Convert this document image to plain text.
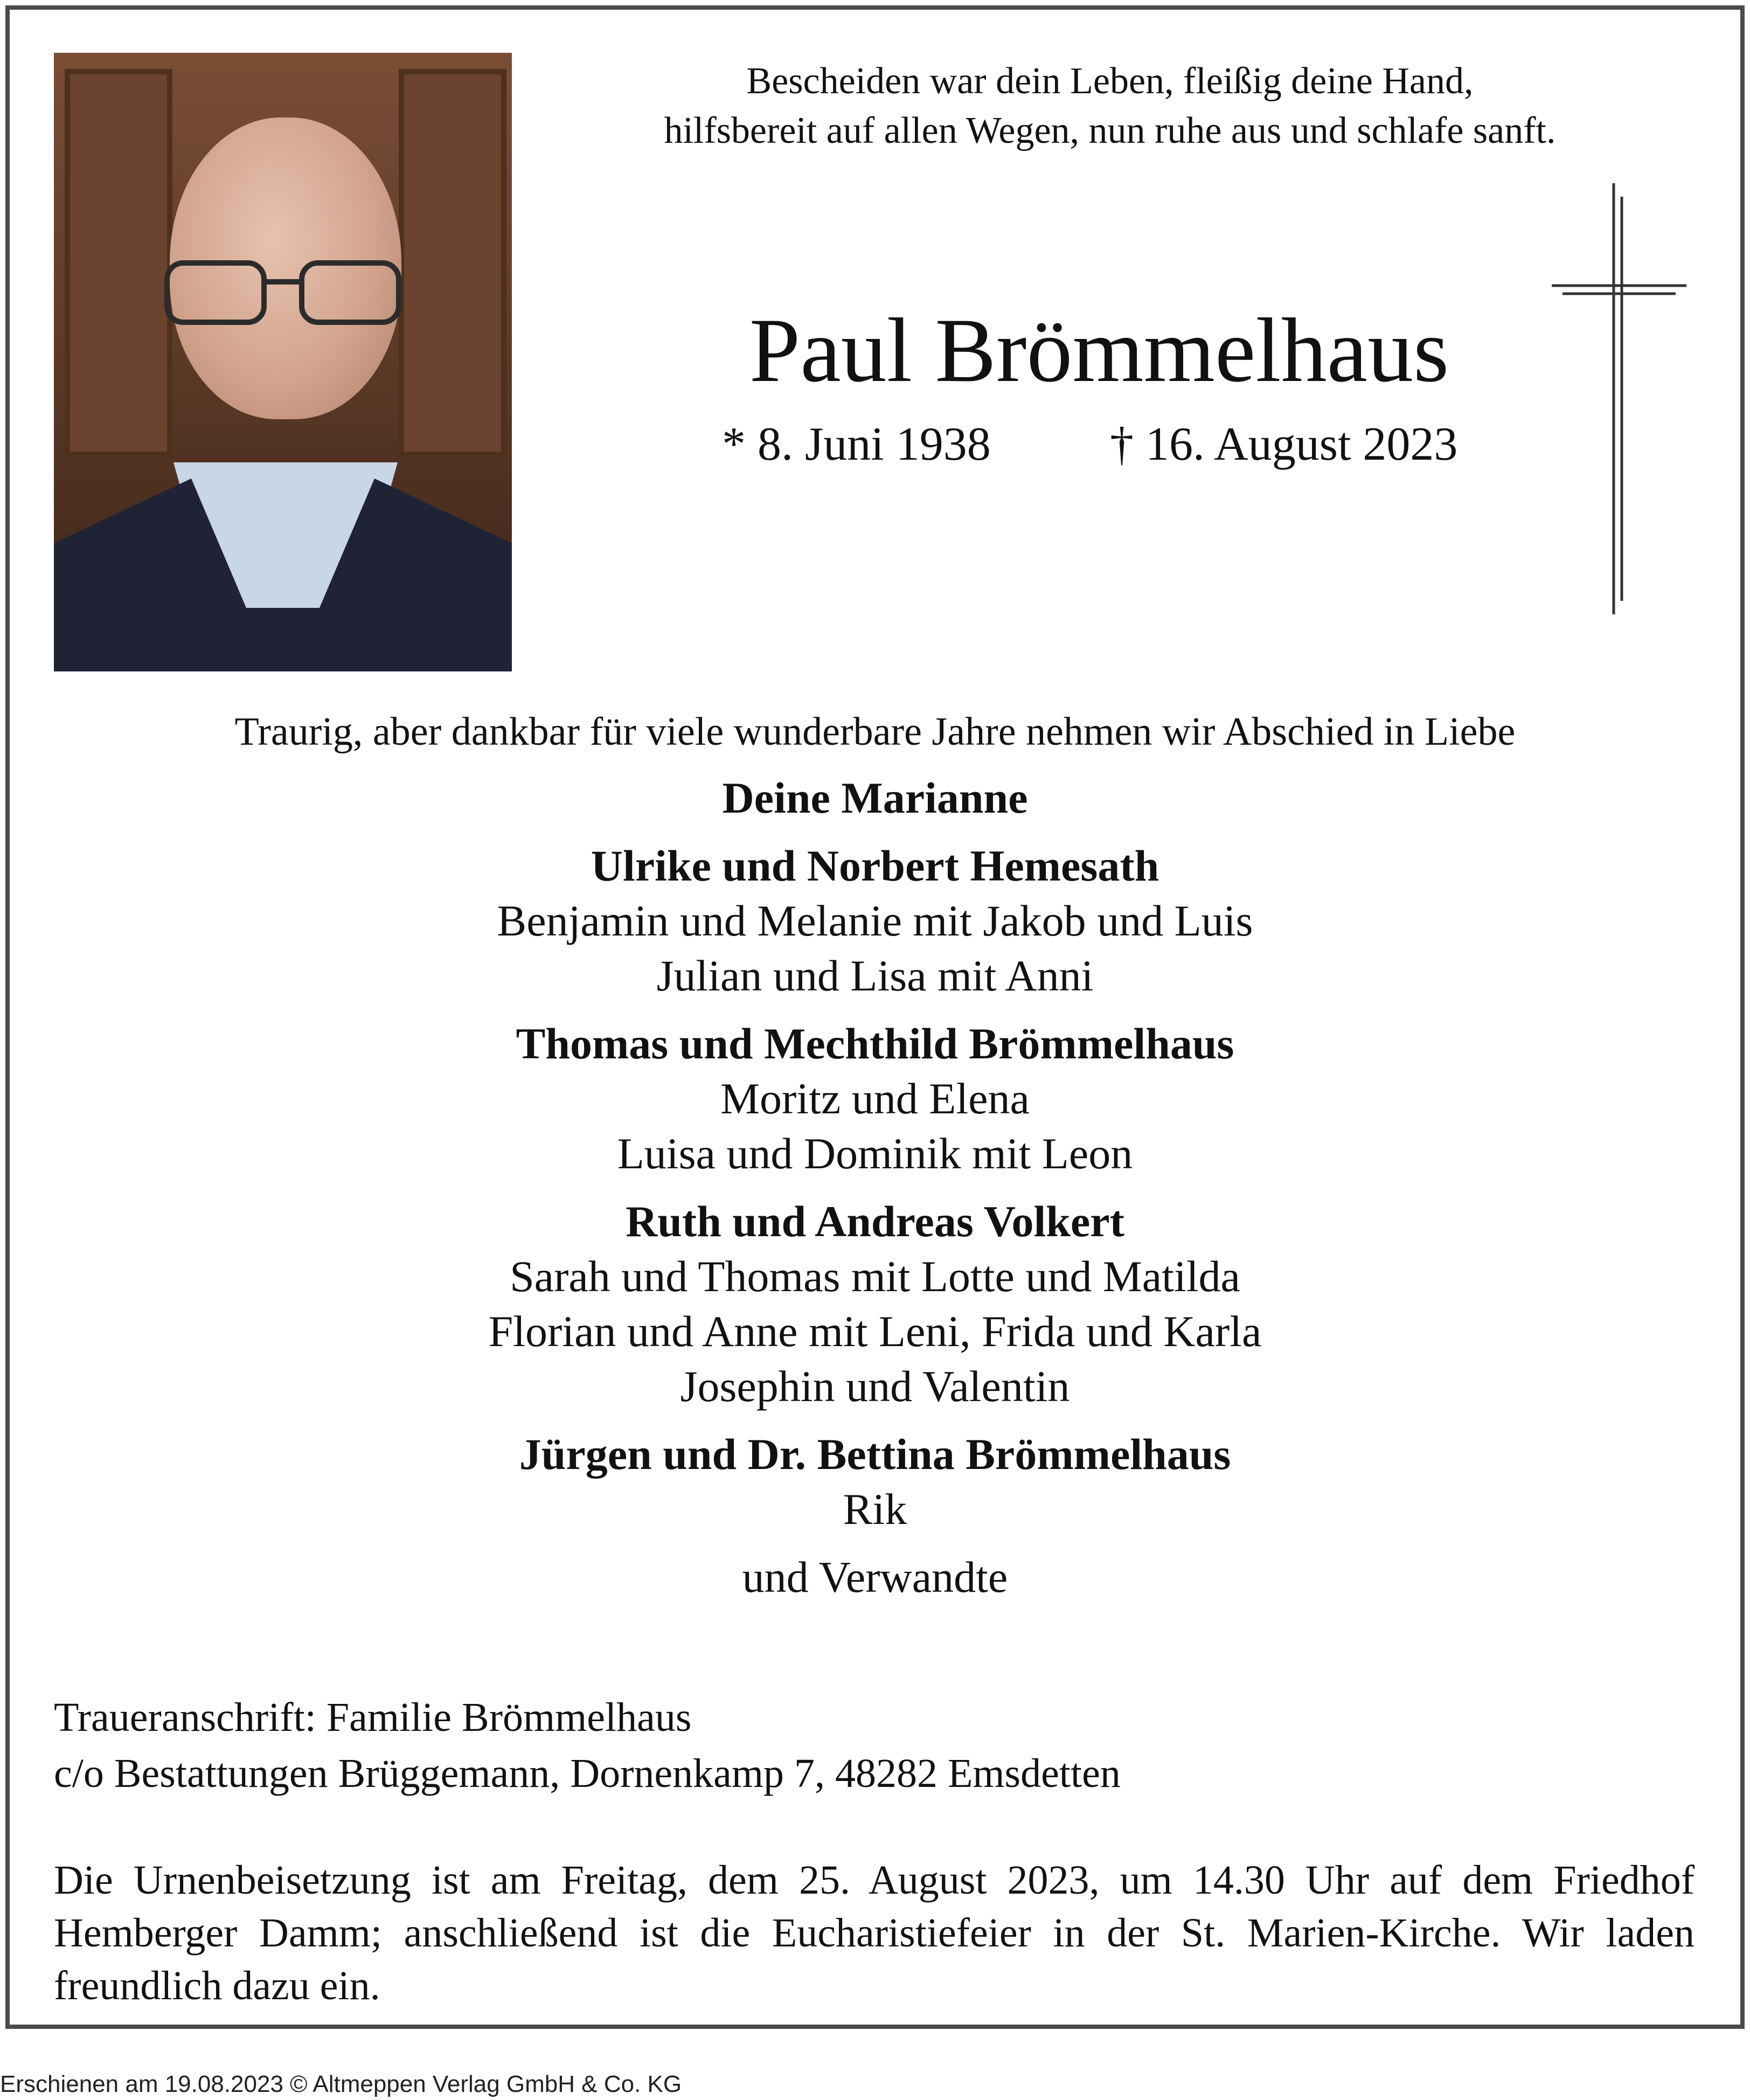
Bescheiden war dein Leben, fleißig deine Hand,
hilfsbereit auf allen Wegen, nun ruhe aus und schlafe sanft.
Paul Brömmelhaus
* 8. Juni 1938	† 16. August 2023
Traurig, aber dankbar für viele wunderbare Jahre nehmen wir Abschied in Liebe
Deine Marianne
Ulrike und Norbert Hemesath
Benjamin und Melanie mit Jakob und Luis
Julian und Lisa mit Anni
Thomas und Mechthild Brömmelhaus
Moritz und Elena
Luisa und Dominik mit Leon
Ruth und Andreas Volkert
Sarah und Thomas mit Lotte und Matilda
Florian und Anne mit Leni, Frida und Karla
Josephin und Valentin
Jürgen und Dr. Bettina Brömmelhaus
Rik
und Verwandte
Traueranschrift: Familie Brömmelhaus
c/o Bestattungen Brüggemann, Dornenkamp 7, 48282 Emsdetten
Die Urnenbeisetzung ist am Freitag, dem 25. August 2023, um 14.30 Uhr auf dem Friedhof Hemberger Damm; anschließend ist die Eucharistiefeier in der St. Marien-Kirche. Wir laden freundlich dazu ein.
Erschienen am 19.08.2023 © Altmeppen Verlag GmbH & Co. KG
